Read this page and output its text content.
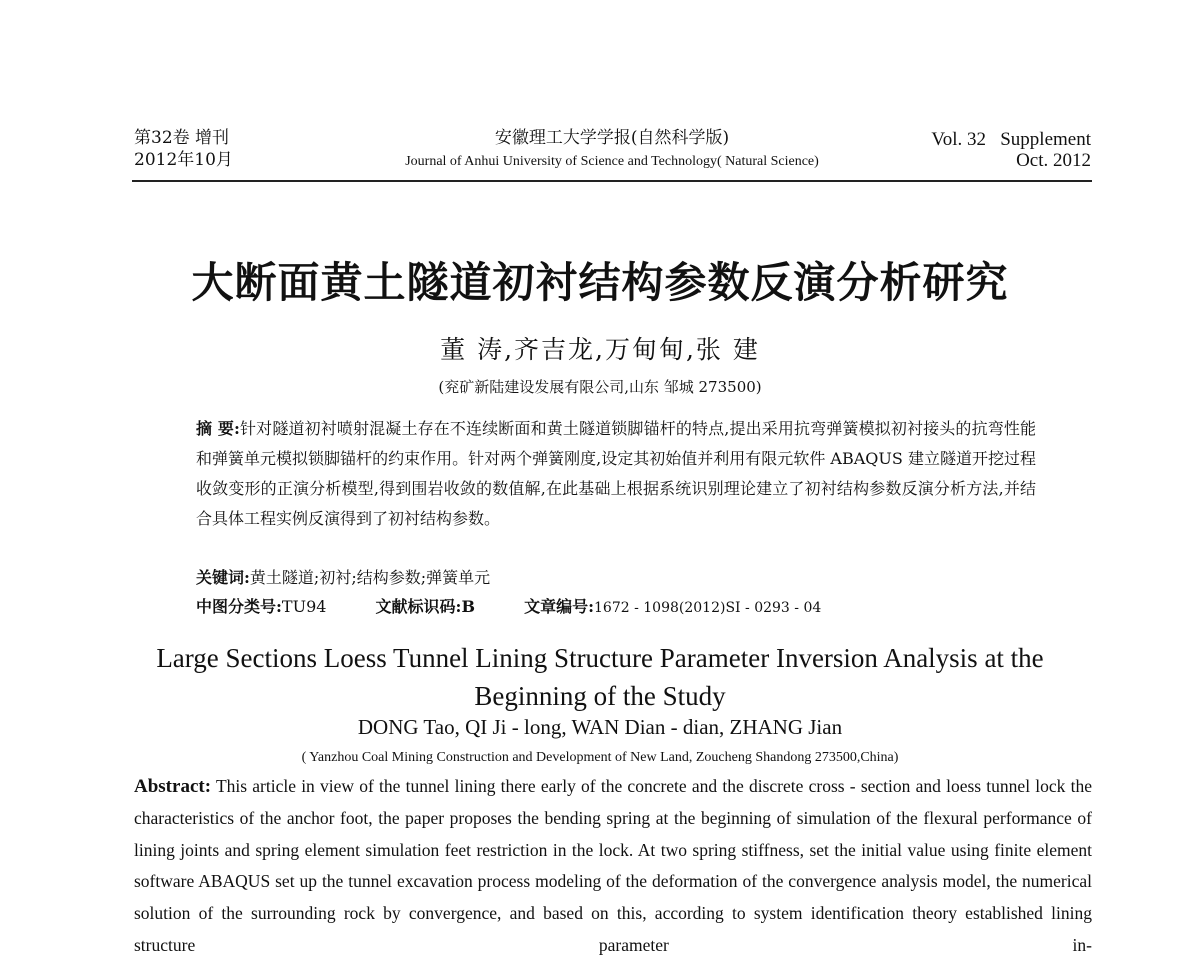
第32卷 增刊
2012年10月
安徽理工大学学报(自然科学版)
Journal of Anhui University of Science and Technology( Natural Science)
Vol. 32   Supplement
Oct. 2012
大断面黄土隧道初衬结构参数反演分析研究
董 涛,齐吉龙,万甸甸,张 建
(兖矿新陆建设发展有限公司,山东 邹城 273500)
摘 要:针对隧道初衬喷射混凝土存在不连续断面和黄土隧道锁脚锚杆的特点,提出采用抗弯弹簧模拟初衬接头的抗弯性能和弹簧单元模拟锁脚锚杆的约束作用。针对两个弹簧刚度,设定其初始值并利用有限元软件 ABAQUS 建立隧道开挖过程收敛变形的正演分析模型,得到围岩收敛的数值解,在此基础上根据系统识别理论建立了初衬结构参数反演分析方法,并结合具体工程实例反演得到了初衬结构参数。
关键词:黄土隧道;初衬;结构参数;弹簧单元
中图分类号:TU94	文献标识码:B	文章编号:1672 - 1098(2012)SI - 0293 - 04
Large Sections Loess Tunnel Lining Structure Parameter Inversion Analysis at the Beginning of the Study
DONG Tao, QI Ji - long, WAN Dian - dian, ZHANG Jian
( Yanzhou Coal Mining Construction and Development of New Land, Zoucheng Shandong 273500,China)
Abstract: This article in view of the tunnel lining there early of the concrete and the discrete cross - section and loess tunnel lock the characteristics of the anchor foot, the paper proposes the bending spring at the beginning of simulation of the flexural performance of lining joints and spring element simulation feet restriction in the lock. At two spring stiffness, set the initial value using finite element software ABAQUS set up the tunnel excavation process modeling of the deformation of the convergence analysis model, the numerical solution of the surrounding rock by convergence, and based on this, according to system identification theory established lining structure parameter in-
